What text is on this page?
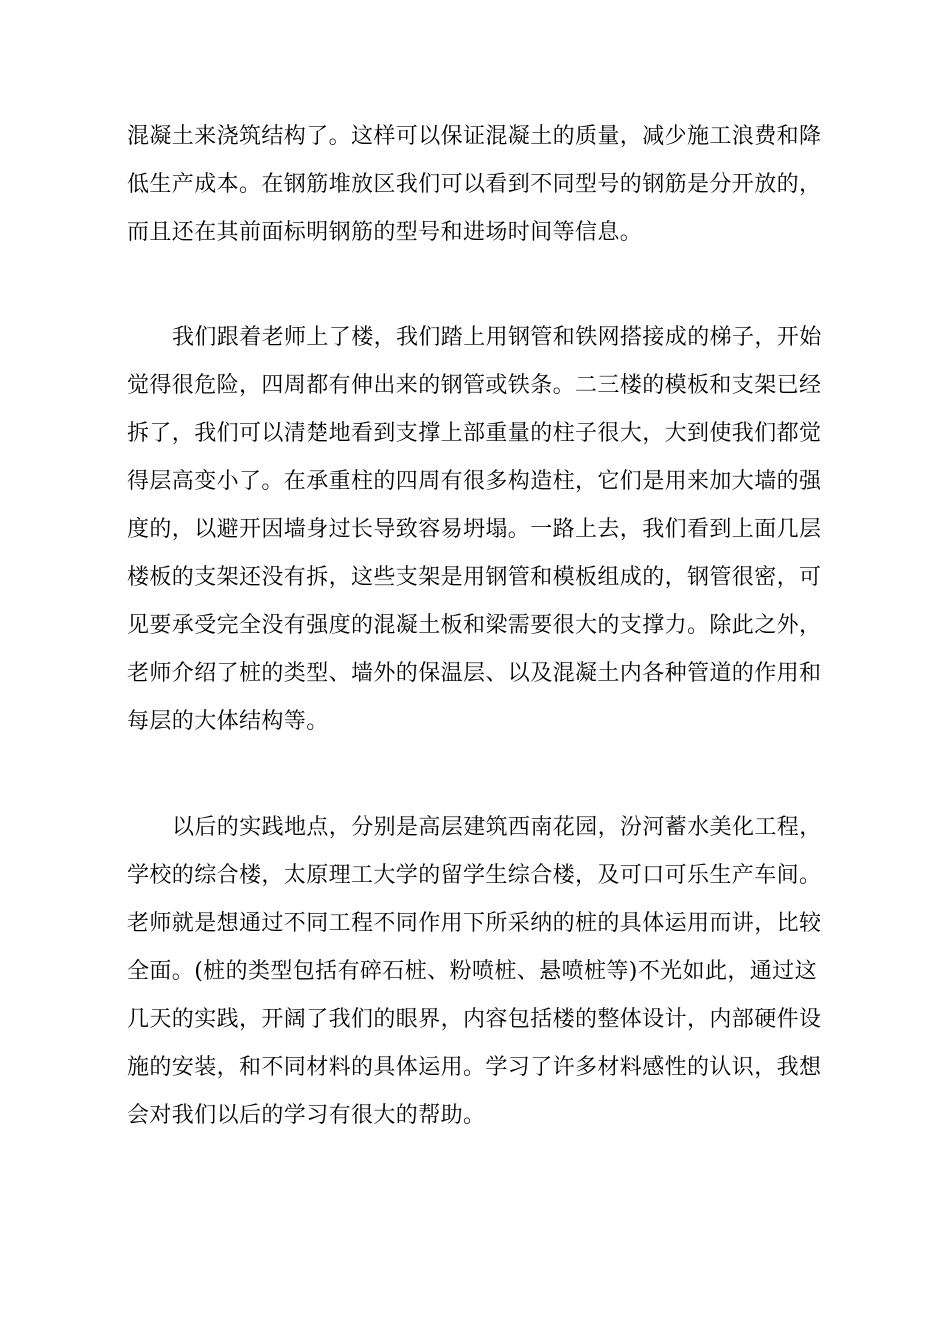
混凝土来浇筑结构了。这样可以保证混凝土的质量，减少施工浪费和降
低生产成本。在钢筋堆放区我们可以看到不同型号的钢筋是分开放的，
而且还在其前面标明钢筋的型号和进场时间等信息。
我们跟着老师上了楼，我们踏上用钢管和铁网搭接成的梯子，开始
觉得很危险，四周都有伸出来的钢管或铁条。二三楼的模板和支架已经
拆了，我们可以清楚地看到支撑上部重量的柱子很大，大到使我们都觉
得层高变小了。在承重柱的四周有很多构造柱，它们是用来加大墙的强
度的，以避开因墙身过长导致容易坍塌。一路上去，我们看到上面几层
楼板的支架还没有拆，这些支架是用钢管和模板组成的，钢管很密，可
见要承受完全没有强度的混凝土板和梁需要很大的支撑力。除此之外，
老师介绍了桩的类型、墙外的保温层、以及混凝土内各种管道的作用和
每层的大体结构等。
以后的实践地点，分别是高层建筑西南花园，汾河蓄水美化工程，
学校的综合楼，太原理工大学的留学生综合楼，及可口可乐生产车间。
老师就是想通过不同工程不同作用下所采纳的桩的具体运用而讲，比较
全面。(桩的类型包括有碎石桩、粉喷桩、悬喷桩等)不光如此，通过这
几天的实践，开阔了我们的眼界，内容包括楼的整体设计，内部硬件设
施的安装，和不同材料的具体运用。学习了许多材料感性的认识，我想
会对我们以后的学习有很大的帮助。
